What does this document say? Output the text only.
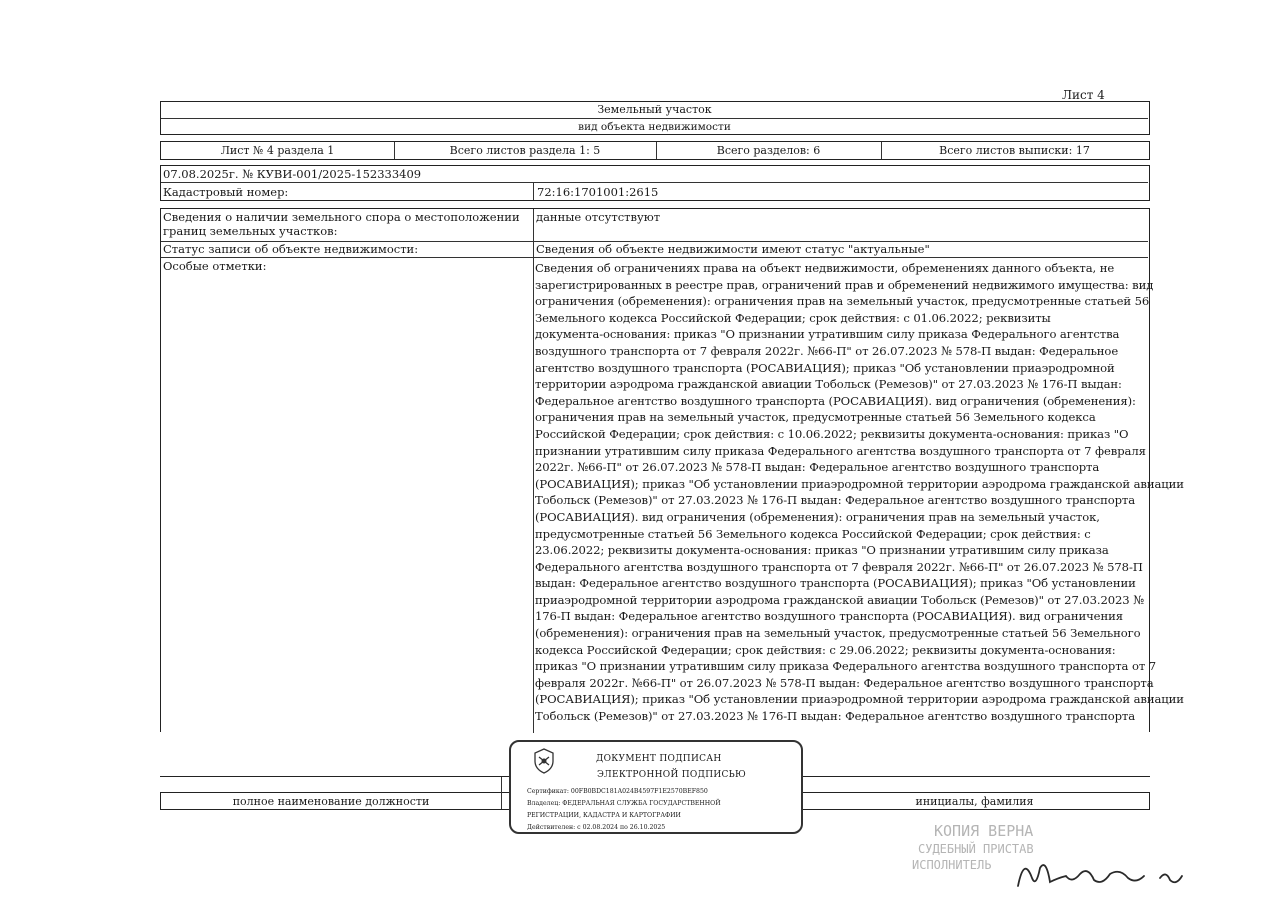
Лист 4
Земельный участок
вид объекта недвижимости
Лист № 4 раздела 1	Всего листов раздела 1: 5	Всего разделов: 6	Всего листов выписки: 17
07.08.2025г. № КУВИ-001/2025-152333409
Кадастровый номер:	72:16:1701001:2615
Сведения о наличии земельного спора о местоположении
границ земельных участков:
данные отсутствуют
Статус записи об объекте недвижимости:	Сведения об объекте недвижимости имеют статус "актуальные"
Особые отметки:	Сведения об ограничениях права на объект недвижимости, обременениях данного объекта, не

зарегистрированных в реестре прав, ограничений прав и обременений недвижимого имущества: вид

ограничения (обременения): ограничения прав на земельный участок, предусмотренные статьей 56

Земельного кодекса Российской Федерации; срок действия: с 01.06.2022; реквизиты

документа-основания: приказ "О признании утратившим силу приказа Федерального агентства

воздушного транспорта от 7 февраля 2022г. №66-П" от 26.07.2023 № 578-П выдан: Федеральное

агентство воздушного транспорта (РОСАВИАЦИЯ); приказ "Об установлении приаэродромной

территории аэродрома гражданской авиации Тобольск (Ремезов)" от 27.03.2023 № 176-П выдан:

Федеральное агентство воздушного транспорта (РОСАВИАЦИЯ). вид ограничения (обременения):

ограничения прав на земельный участок, предусмотренные статьей 56 Земельного кодекса

Российской Федерации; срок действия: с 10.06.2022; реквизиты документа-основания: приказ "О

признании утратившим силу приказа Федерального агентства воздушного транспорта от 7 февраля

2022г. №66-П" от 26.07.2023 № 578-П выдан: Федеральное агентство воздушного транспорта

(РОСАВИАЦИЯ); приказ "Об установлении приаэродромной территории аэродрома гражданской авиации

Тобольск (Ремезов)" от 27.03.2023 № 176-П выдан: Федеральное агентство воздушного транспорта

(РОСАВИАЦИЯ). вид ограничения (обременения): ограничения прав на земельный участок,

предусмотренные статьей 56 Земельного кодекса Российской Федерации; срок действия: с

23.06.2022; реквизиты документа-основания: приказ "О признании утратившим силу приказа

Федерального агентства воздушного транспорта от 7 февраля 2022г. №66-П" от 26.07.2023 № 578-П

выдан: Федеральное агентство воздушного транспорта (РОСАВИАЦИЯ); приказ "Об установлении

приаэродромной территории аэродрома гражданской авиации Тобольск (Ремезов)" от 27.03.2023 №

176-П выдан: Федеральное агентство воздушного транспорта (РОСАВИАЦИЯ). вид ограничения

(обременения): ограничения прав на земельный участок, предусмотренные статьей 56 Земельного

кодекса Российской Федерации; срок действия: с 29.06.2022; реквизиты документа-основания:

приказ "О признании утратившим силу приказа Федерального агентства воздушного транспорта от 7

февраля 2022г. №66-П" от 26.07.2023 № 578-П выдан: Федеральное агентство воздушного транспорта

(РОСАВИАЦИЯ); приказ "Об установлении приаэродромной территории аэродрома гражданской авиации

Тобольск (Ремезов)" от 27.03.2023 № 176-П выдан: Федеральное агентство воздушного транспорта

полное наименование должности	инициалы, фамилия
ДОКУМЕНТ ПОДПИСАН
ЭЛЕКТРОННОЙ ПОДПИСЬЮ
Сертификат: 00FB0BDC181A024B4597F1E2570BEF850
Владелец: ФЕДЕРАЛЬНАЯ СЛУЖБА ГОСУДАРСТВЕННОЙ
РЕГИСТРАЦИИ, КАДАСТРА И КАРТОГРАФИИ
Действителен: с 02.08.2024 по 26.10.2025	КОПИЯ ВЕРНА
СУДЕБНЫЙ ПРИСТАВ
ИСПОЛНИТЕЛЬ
